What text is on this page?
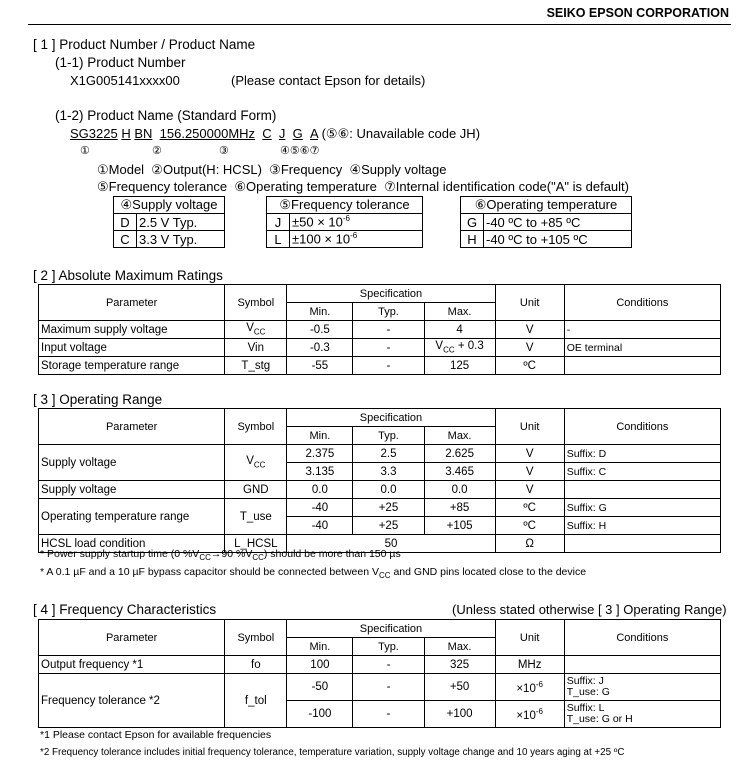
SEIKO EPSON CORPORATION
[ 1 ] Product Number / Product Name
(1-1) Product Number
X1G005141xxxx00	(Please contact Epson for details)
(1-2) Product Name (Standard Form)
SG3225 H BN 156.250000MHz C J G A (⑤⑥: Unavailable code JH)
①	②	③	④⑤⑥⑦
①Model ②Output(H: HCSL) ③Frequency ④Supply voltage
⑤Frequency tolerance ⑥Operating temperature ⑦Internal identification code("A" is default)
④Supply voltage	
D	2.5 V Typ.
C	3.3 V Typ.
⑤Frequency tolerance	
J	$\pm 50 \times 10^{-6}$
L	$\pm 100 \times 10^{-6}$
⑥Operating temperature	
G	-40 ºC to +85 ºC
H	-40 ºC to +105 ºC
[ 2 ] Absolute Maximum Ratings
Parameter	Symbol	Specification			Unit	Conditions
		Min.	Typ.	Max.		
Maximum supply voltage	$V_{CC}$	-0.5	-	4	V	-
Input voltage	Vin	-0.3	-	$V_{CC} + 0.3$	V	OE terminal
Storage temperature range	T_stg	-55	-	125	ºC	
[ 3 ] Operating Range
Parameter	Symbol	Specification			Unit	Conditions
		Min.	Typ.	Max.		
Supply voltage	$V_{CC}$	2.375	2.5	2.625	V	Suffix: D
		3.135	3.3	3.465	V	Suffix: C
Supply voltage	GND	0.0	0.0	0.0	V	
Operating temperature range	T_use	-40	+25	+85	ºC	Suffix: G
		-40	+25	+105	ºC	Suffix: H
HCSL load condition	L_HCSL	50			Ω	
* Power supply startup time (0 $\%V_{CC}\to 90$ $\%V_{CC}$) should be more than 150 µs
* A 0.1 µF and a 10 µF bypass capacitor should be connected between $V_{CC}$ and GND pins located close to the device
[ 4 ] Frequency Characteristics	(Unless stated otherwise [ 3 ] Operating Range)
Parameter	Symbol	Specification			Unit	Conditions
		Min.	Typ.	Max.		
Output frequency *1	fo	100	-	325	MHz	
Frequency tolerance *2	f_tol	-50	-	+50	$\times 10^{-6}$	Suffix: J
T_use: G

		-100	-	+100	$\times 10^{-6}$	Suffix: L
T_use: G or H
*1 Please contact Epson for available frequencies
*2 Frequency tolerance includes initial frequency tolerance, temperature variation, supply voltage change and 10 years aging at +25 ºC
